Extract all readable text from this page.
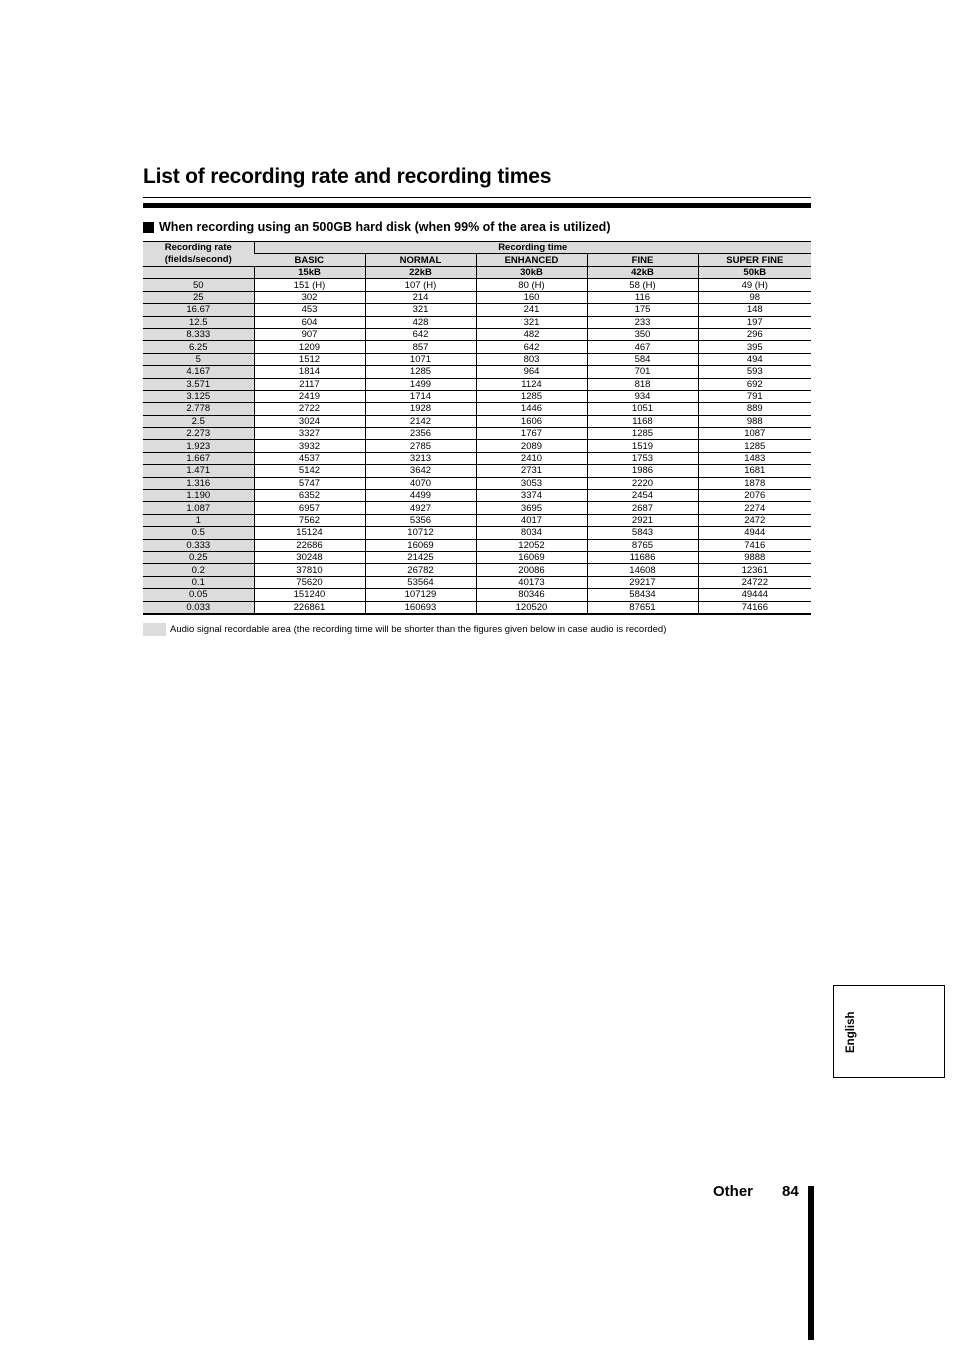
List of recording rate and recording times
When recording using an 500GB hard disk (when 99% of the area is utilized)
Recording rate (fields/second)	Recording time				
	BASIC	NORMAL	ENHANCED	FINE	SUPER FINE
	15kB	22kB	30kB	42kB	50kB
50	151 (H)	107 (H)	80 (H)	58 (H)	49 (H)
25	302	214	160	116	98
16.67	453	321	241	175	148
12.5	604	428	321	233	197
8.333	907	642	482	350	296
6.25	1209	857	642	467	395
5	1512	1071	803	584	494
4.167	1814	1285	964	701	593
3.571	2117	1499	1124	818	692
3.125	2419	1714	1285	934	791
2.778	2722	1928	1446	1051	889
2.5	3024	2142	1606	1168	988
2.273	3327	2356	1767	1285	1087
1.923	3932	2785	2089	1519	1285
1.667	4537	3213	2410	1753	1483
1.471	5142	3642	2731	1986	1681
1.316	5747	4070	3053	2220	1878
1.190	6352	4499	3374	2454	2076
1.087	6957	4927	3695	2687	2274
1	7562	5356	4017	2921	2472
0.5	15124	10712	8034	5843	4944
0.333	22686	16069	12052	8765	7416
0.25	30248	21425	16069	11686	9888
0.2	37810	26782	20086	14608	12361
0.1	75620	53564	40173	29217	24722
0.05	151240	107129	80346	58434	49444
0.033	226861	160693	120520	87651	74166
Audio signal recordable area (the recording time will be shorter than the figures given below in case audio is recorded)
English
Other 84
